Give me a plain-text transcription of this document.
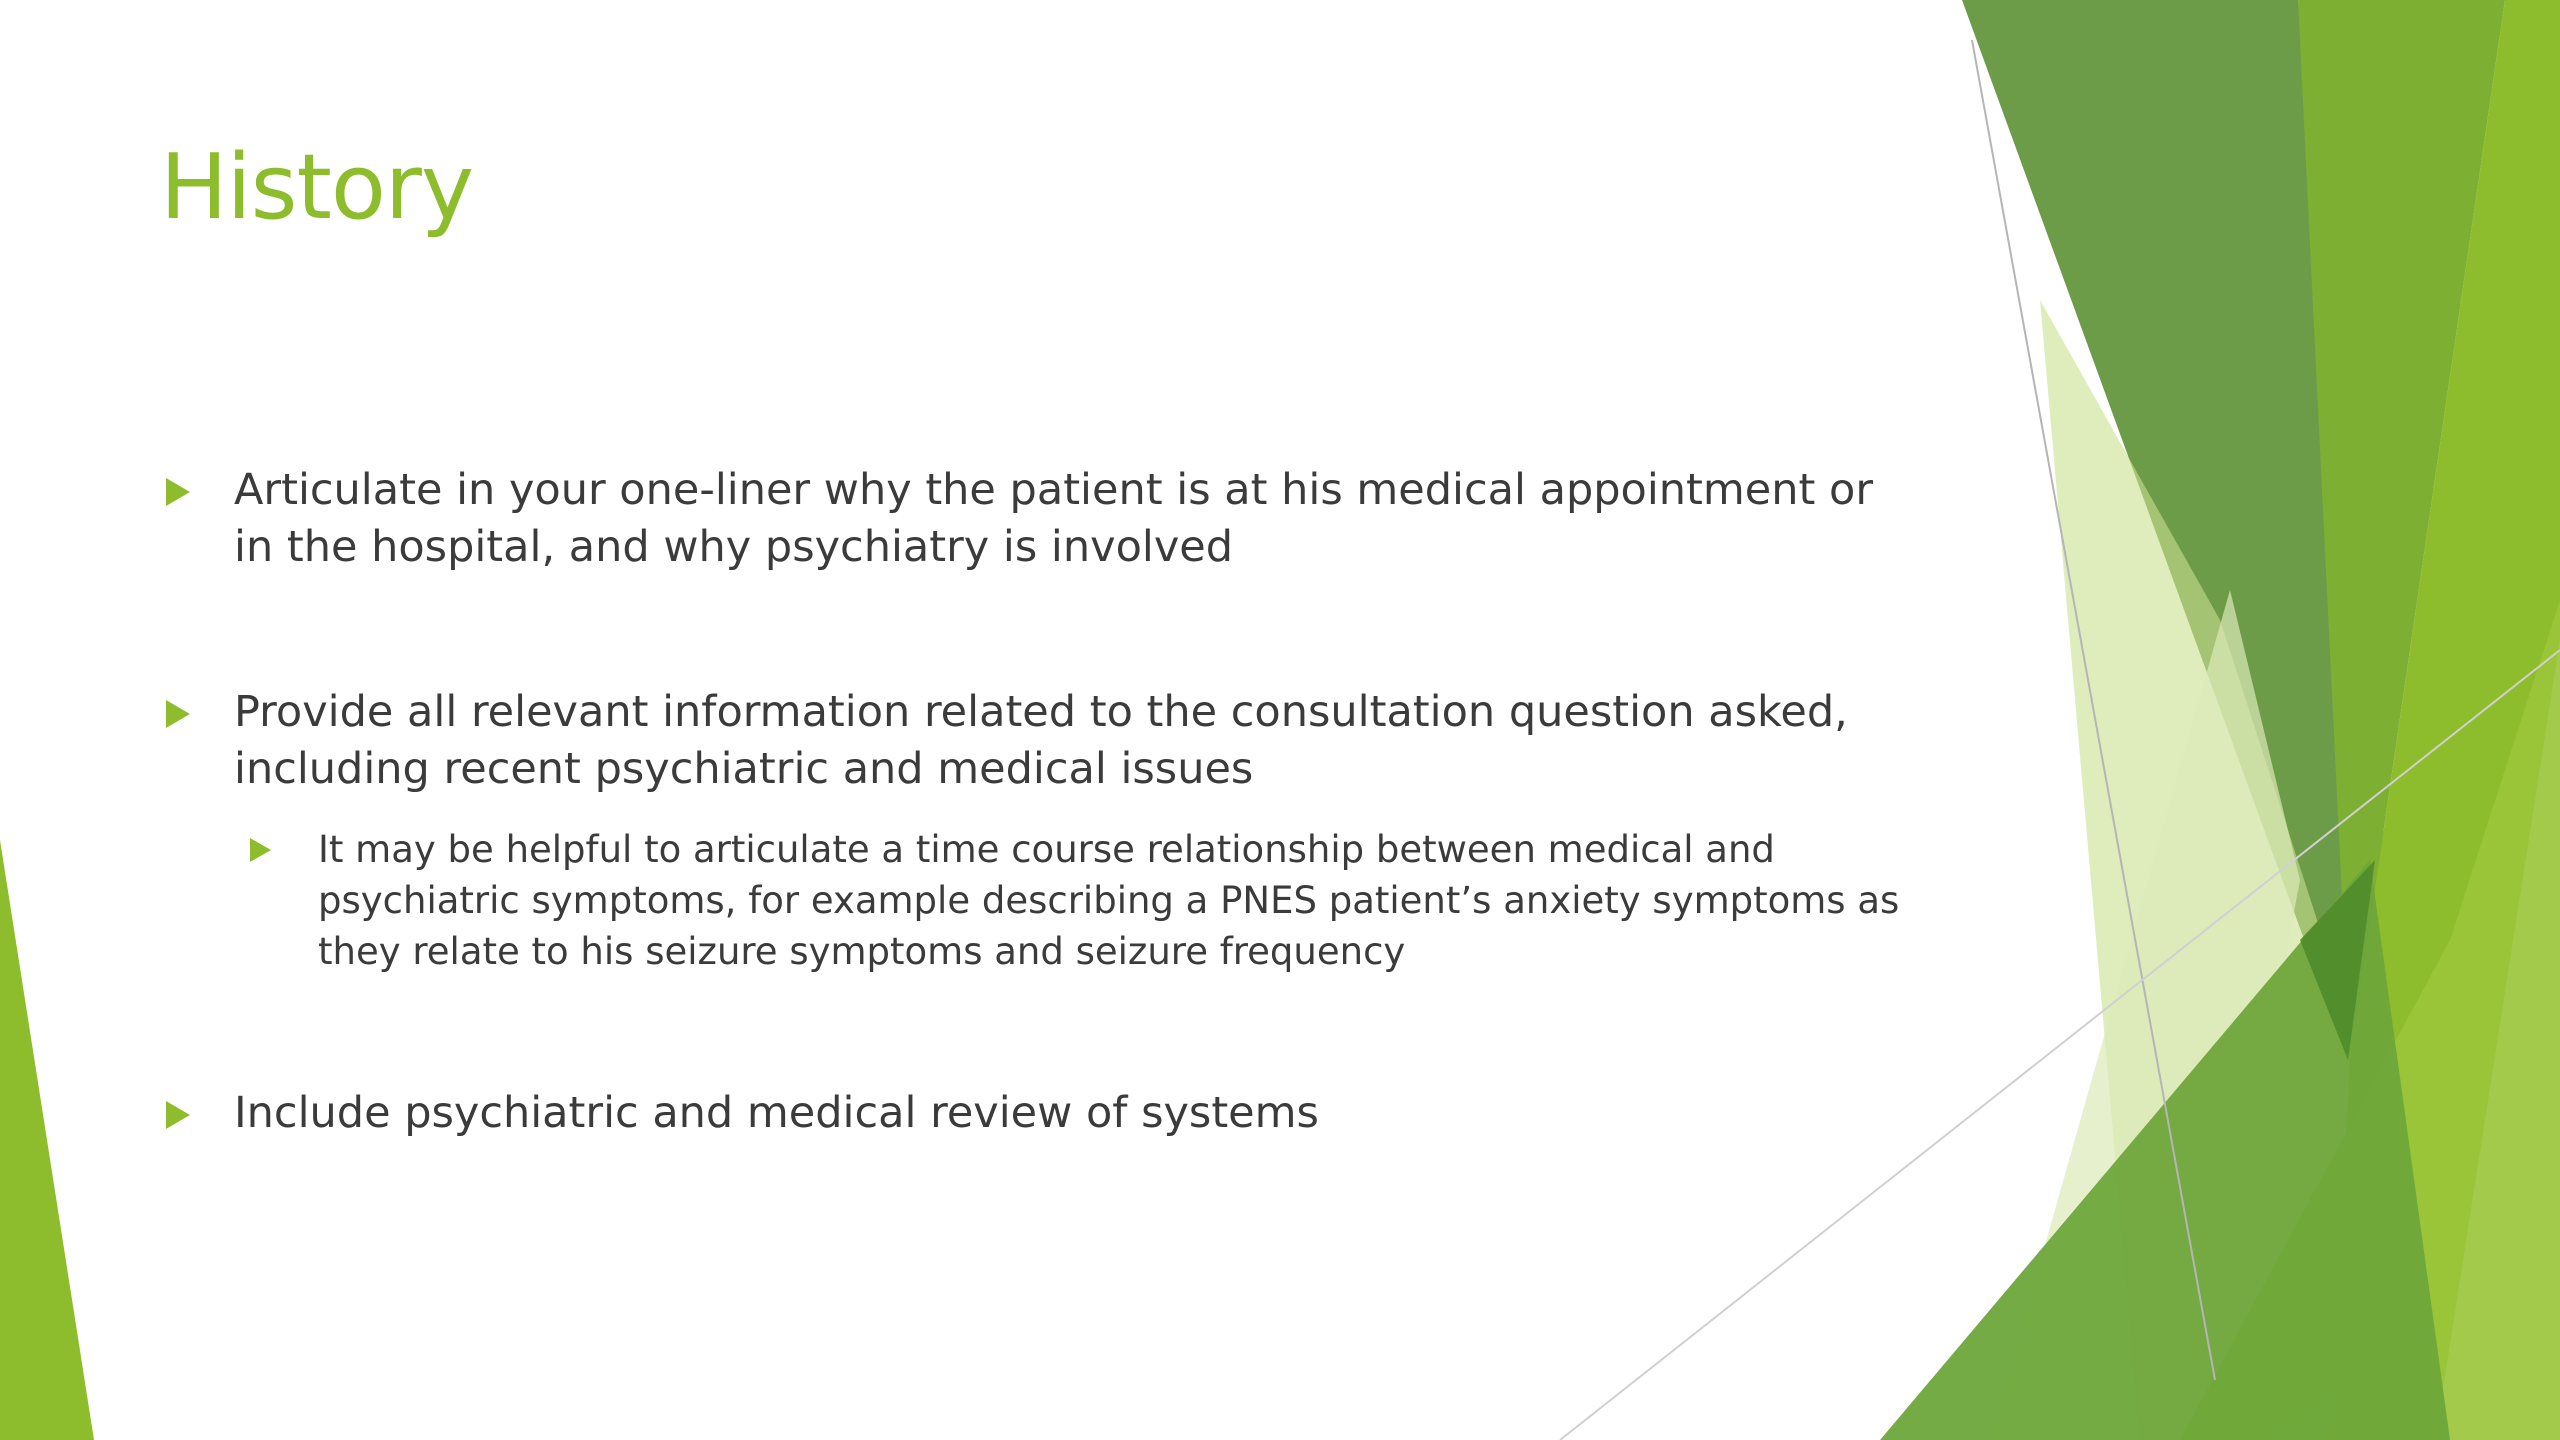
History
Articulate in your one-liner why the patient is at his medical appointment or in the hospital, and why psychiatry is involved
Provide all relevant information related to the consultation question asked, including recent psychiatric and medical issues
It may be helpful to articulate a time course relationship between medical and psychiatric symptoms, for example describing a PNES patient’s anxiety symptoms as they relate to his seizure symptoms and seizure frequency
Include psychiatric and medical review of systems
